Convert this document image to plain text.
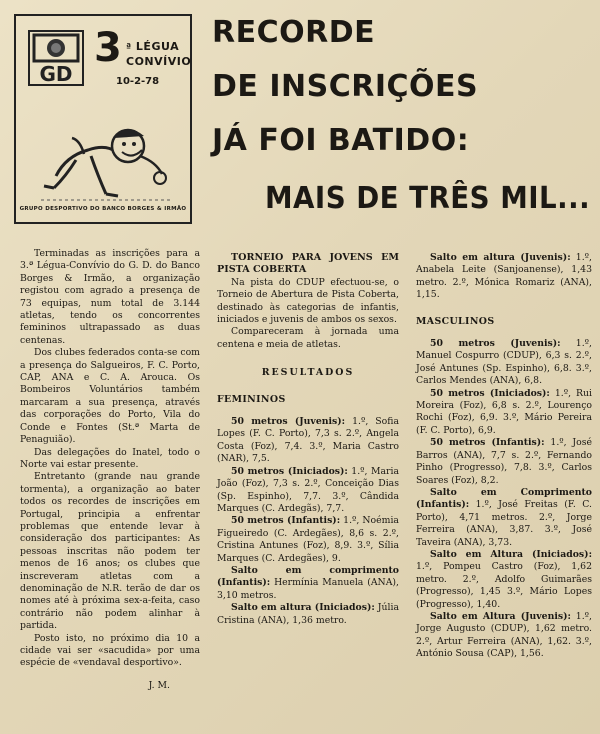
GD
3 ª LÉGUA
CONVÍVIO
10-2-78
GRUPO DESPORTIVO DO BANCO BORGES & IRMÃO
RECORDE
DE INSCRIÇÕES
JÁ FOI BATIDO:
MAIS DE TRÊS MIL...

Terminadas as inscrições para a 3.ª Légua-Convívio do G. D. do Banco Borges & Irmão, a organização registou com agrado a presença de 73 equipas, num total de 3.144 atletas, tendo os concorrentes femininos ultrapassado as duas centenas.

Dos clubes federados conta-se com a presença do Salgueiros, F. C. Porto, CAP, ANA e C. A. Arouca. Os Bombeiros Voluntários também marcaram a sua presença, através das corporações do Porto, Vila do Conde e Fontes (St.ª Marta de Penaguião).

Das delegações do Inatel, todo o Norte vai estar presente.

Entretanto (grande nau grande tormenta), a organização ao bater todos os recordes de inscrições em Portugal, principia a enfrentar problemas que entende levar à consideração dos participantes: As pessoas inscritas não podem ter menos de 16 anos; os clubes que inscreveram atletas com a denominação de N.R. terão de dar os nomes até à próxima sex-a-feita, caso contrário não podem alinhar à partida.

Posto isto, no próximo dia 10 a cidade vai ser «sacudida» por uma espécie de «vendaval desportivo».

J. M.

TORNEIO PARA JOVENS EM PISTA COBERTA

Na pista do CDUP efectuou-se, o Torneio de Abertura de Pista Coberta, destinado às categorias de infantis, iniciados e juvenis de ambos os sexos.

Compareceram à jornada uma centena e meia de atletas.

RESULTADOS
FEMININOS

50 metros (Juvenis): 1.º, Sofia Lopes (F. C. Porto), 7,3 s. 2.º, Angela Costa (Foz), 7,4. 3.º, Maria Castro (NAR), 7,5.

50 metros (Iniciados): 1.º, Maria João (Foz), 7,3 s. 2.º, Conceição Dias (Sp. Espinho), 7,7. 3.º, Cândida Marques (C. Ardegãs), 7,7.

50 metros (Infantis): 1.º, Noémia Figueiredo (C. Ardegães), 8,6 s. 2.º, Cristina Antunes (Foz), 8,9. 3.º, Sília Marques (C. Ardegães), 9.

Salto em comprimento (Infantis): Hermínia Manuela (ANA), 3,10 metros.

Salto em altura (Iniciados): Júlia Cristina (ANA), 1,36 metro.

Salto em altura (Juvenis): 1.º, Anabela Leite (Sanjoanense), 1,43 metro. 2.º, Mónica Romariz (ANA), 1,15.

MASCULINOS

50 metros (Juvenis): 1.º, Manuel Cospurro (CDUP), 6,3 s. 2.º, José Antunes (Sp. Espinho), 6,8. 3.º, Carlos Mendes (ANA), 6,8.

50 metros (Iniciados): 1.º, Rui Moreira (Foz), 6,8 s. 2.º, Lourenço Rochi (Foz), 6,9. 3.º, Mário Pereira (F. C. Porto), 6,9.

50 metros (Infantis): 1.º, José Barros (ANA), 7,7 s. 2.º, Fernando Pinho (Progresso), 7,8. 3.º, Carlos Soares (Foz), 8,2.

Salto em Comprimento (Infantis): 1.º, José Freitas (F. C. Porto), 4,71 metros. 2.º, Jorge Ferreira (ANA), 3,87. 3.º, José Taveira (ANA), 3,73.

Salto em Altura (Iniciados): 1.º, Pompeu Castro (Foz), 1,62 metro. 2.º, Adolfo Guimarães (Progresso), 1,45 3.º, Mário Lopes (Progresso), 1,40.

Salto em Altura (Juvenis): 1.º, Jorge Augusto (CDUP), 1,62 metro. 2.º, Artur Ferreira (ANA), 1,62. 3.º, António Sousa (CAP), 1,56.
